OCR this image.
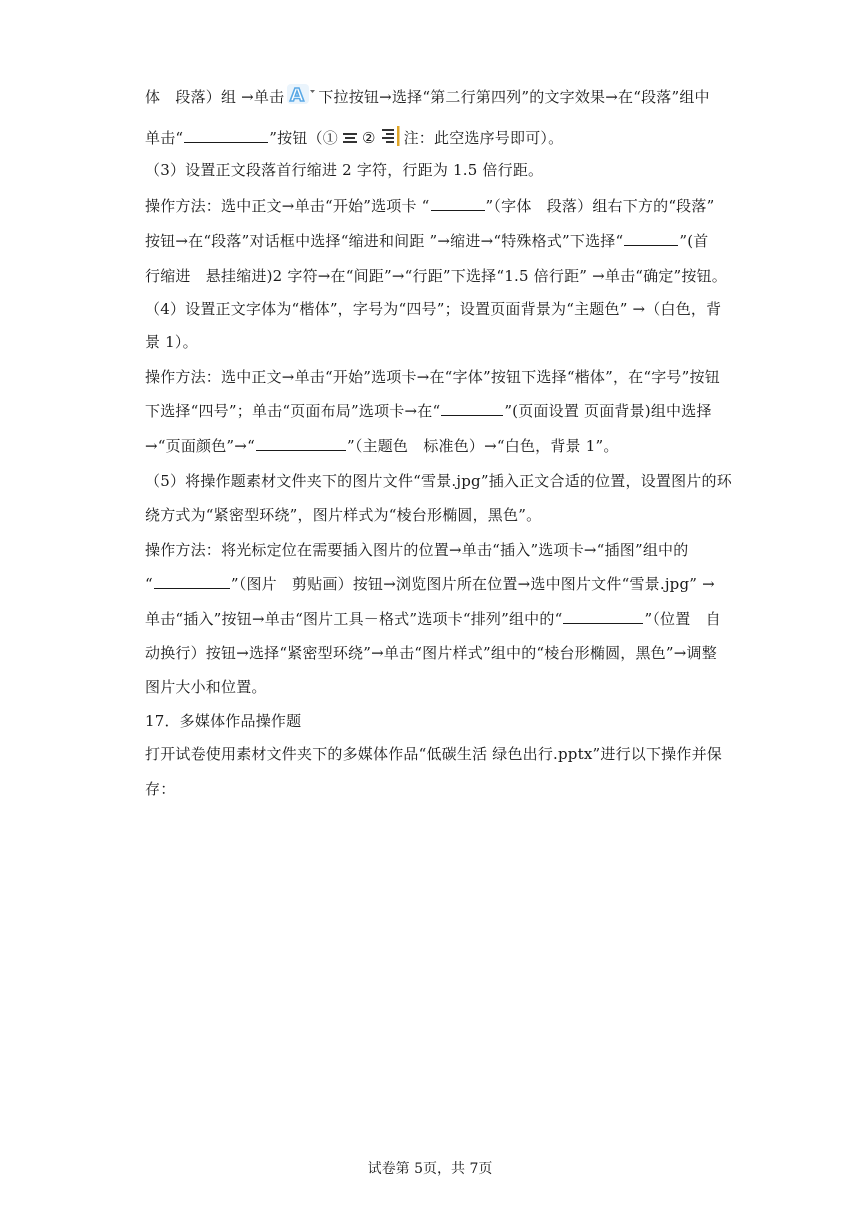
体　段落）组 →单击 A 下拉按钮→选择“第二行第四列”的文字效果→在“段落”组中
单击“	”按钮（① ② 注：此空选序号即可）。
（3）设置正文段落首行缩进 2 字符，行距为 1.5 倍行距。
操作方法：选中正文→单击“开始”选项卡 “	”（字体　段落）组右下方的“段落”
按钮→在“段落”对话框中选择“缩进和间距 ”→缩进→“特殊格式”下选择“	”(首
行缩进　悬挂缩进)2 字符→在“间距”→“行距”下选择“1.5 倍行距” →单击“确定”按钮。
（4）设置正文字体为“楷体”，字号为“四号”；设置页面背景为“主题色” →（白色，背
景 1）。
操作方法：选中正文→单击“开始”选项卡→在“字体”按钮下选择“楷体”，在“字号”按钮
下选择“四号”；单击“页面布局”选项卡→在“	”(页面设置 页面背景)组中选择
→“页面颜色”→“	”（主题色　标准色）→“白色，背景 1”。
（5）将操作题素材文件夹下的图片文件“雪景.jpg”插入正文合适的位置，设置图片的环
绕方式为“紧密型环绕”，图片样式为“棱台形椭圆，黑色”。
操作方法：将光标定位在需要插入图片的位置→单击“插入”选项卡→“插图”组中的
“	”（图片　剪贴画）按钮→浏览图片所在位置→选中图片文件“雪景.jpg” →
单击“插入”按钮→单击“图片工具－格式”选项卡“排列”组中的“	”（位置　自
动换行）按钮→选择“紧密型环绕”→单击“图片样式”组中的“棱台形椭圆，黑色”→调整
图片大小和位置。
17．多媒体作品操作题
打开试卷使用素材文件夹下的多媒体作品“低碳生活 绿色出行.pptx”进行以下操作并保
存：
试卷第 5页，共 7页
